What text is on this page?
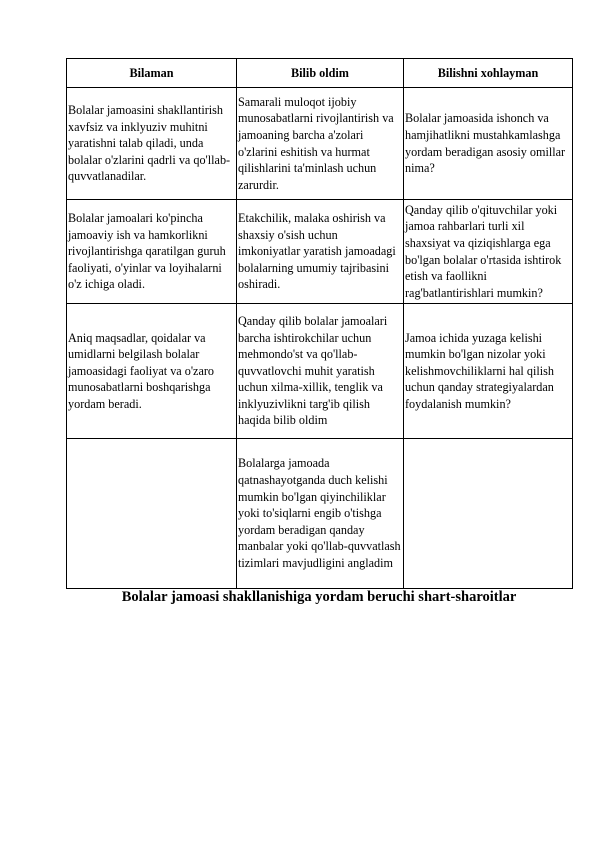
Bilaman	Bilib oldim	Bilishni xohlayman
Bolalar jamoasini shakllantirish xavfsiz va inklyuziv muhitni yaratishni talab qiladi, unda bolalar o'zlarini qadrli va qo'llab-quvvatlanadilar.	Samarali muloqot ijobiy munosabatlarni rivojlantirish va jamoaning barcha a'zolari o'zlarini eshitish va hurmat qilishlarini ta'minlash uchun zarurdir.	Bolalar jamoasida ishonch va hamjihatlikni mustahkamlashga yordam beradigan asosiy omillar nima?
Bolalar jamoalari ko'pincha jamoaviy ish va hamkorlikni rivojlantirishga qaratilgan guruh faoliyati, o'yinlar va loyihalarni o'z ichiga oladi.	Etakchilik, malaka oshirish va shaxsiy o'sish uchun imkoniyatlar yaratish jamoadagi bolalarning umumiy tajribasini oshiradi.	Qanday qilib o'qituvchilar yoki jamoa rahbarlari turli xil shaxsiyat va qiziqishlarga ega bo'lgan bolalar o'rtasida ishtirok etish va faollikni rag'batlantirishlari mumkin?
Aniq maqsadlar, qoidalar va umidlarni belgilash bolalar jamoasidagi faoliyat va o'zaro munosabatlarni boshqarishga yordam beradi.	Qanday qilib bolalar jamoalari barcha ishtirokchilar uchun mehmondo'st va qo'llab-quvvatlovchi muhit yaratish uchun xilma-xillik, tenglik va inklyuzivlikni targ'ib qilish haqida bilib oldim	Jamoa ichida yuzaga kelishi mumkin bo'lgan nizolar yoki kelishmovchiliklarni hal qilish uchun qanday strategiyalardan foydalanish mumkin?
	Bolalarga jamoada qatnashayotganda duch kelishi mumkin bo'lgan qiyinchiliklar yoki to'siqlarni engib o'tishga yordam beradigan qanday manbalar yoki qo'llab-quvvatlash tizimlari mavjudligini angladim	
Bolalar jamoasi shakllanishiga yordam beruchi shart-sharoitlar
